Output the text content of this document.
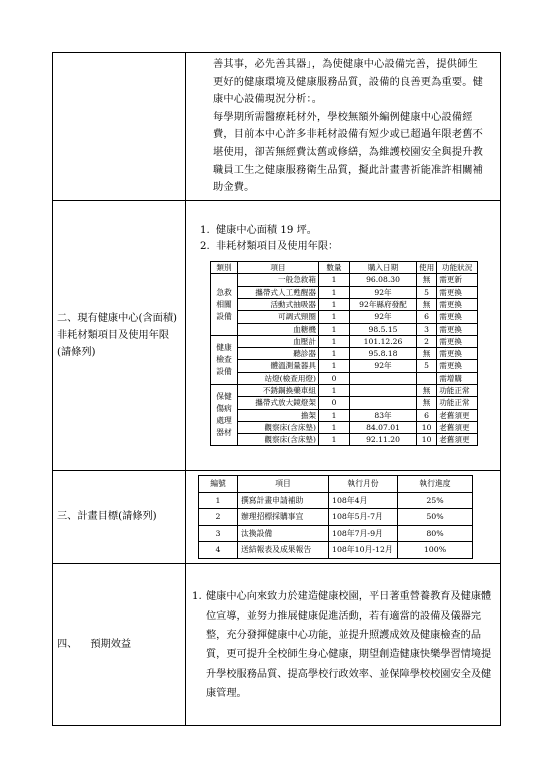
善其事，必先善其器」，為使健康中心設備完善，提供師生更好的健康環境及健康服務品質，設備的良善更為重要。健康中心設備現況分析：。

每學期所需醫療耗材外，學校無額外編例健康中心設備經費，目前本中心許多非耗材設備有短少或已超過年限老舊不堪使用，卻苦無經費汰舊或修繕，為維護校園安全與提升教職員工生之健康服務衛生品質，擬此計畫書祈能准許相關補助金費。

二、現有健康中心(含面積)非耗材類項目及使用年限(請條列)	
1. 健康中心面積 19 坪。
2. 非耗材類項目及使用年限：
類別	項目	數量	購入日期	使用	功能狀況
急救相關設備	一般急救箱	1	96.08.30	無	需更新
攜帶式人工甦醒器	1	92年	5	需更換
活動式抽吸器	1	92年縣府發配	無	需更換
可調式頸圈	1	92年	6	需更換
血糖機	1	98.5.15	3	需更換
健康檢查設備	血壓計	1	101.12.26	2	需更換
聽診器	1	95.8.18	無	需更換
體溫測量器具	1	92年	5	需更換
站燈(檢查用燈)	0			需增購
保健傷病處理器材	不銹鋼換藥車組	1		無	功能正常
攜帶式放大鏡燈架	0		無	功能正常
擔架	1	83年	6	老舊須更
觀察床(含床墊)	1	84.07.01	10	老舊須更
觀察床(含床墊)	1	92.11.20	10	老舊須更

三、計畫目標(請條列)	
編號	項目	執行月份	執行進度
1	撰寫計畫申請補助	108年4月	25%
2	辦理招標採購事宜	108年5月-7月	50%
3	汰換設備	108年7月-9月	80%
4	送結報表及成果報告	108年10月-12月	100%

四、    預期效益	
1. 健康中心向來致力於建造健康校園，平日著重營養教育及健康體位宣導，並努力推展健康促進活動，若有適當的設備及儀器完整，充分發揮健康中心功能，並提升照護成效及健康檢查的品質，更可提升全校師生身心健康，期望創造健康快樂學習情境提升學校服務品質、提高學校行政效率、並保障學校校園安全及健康管理。
